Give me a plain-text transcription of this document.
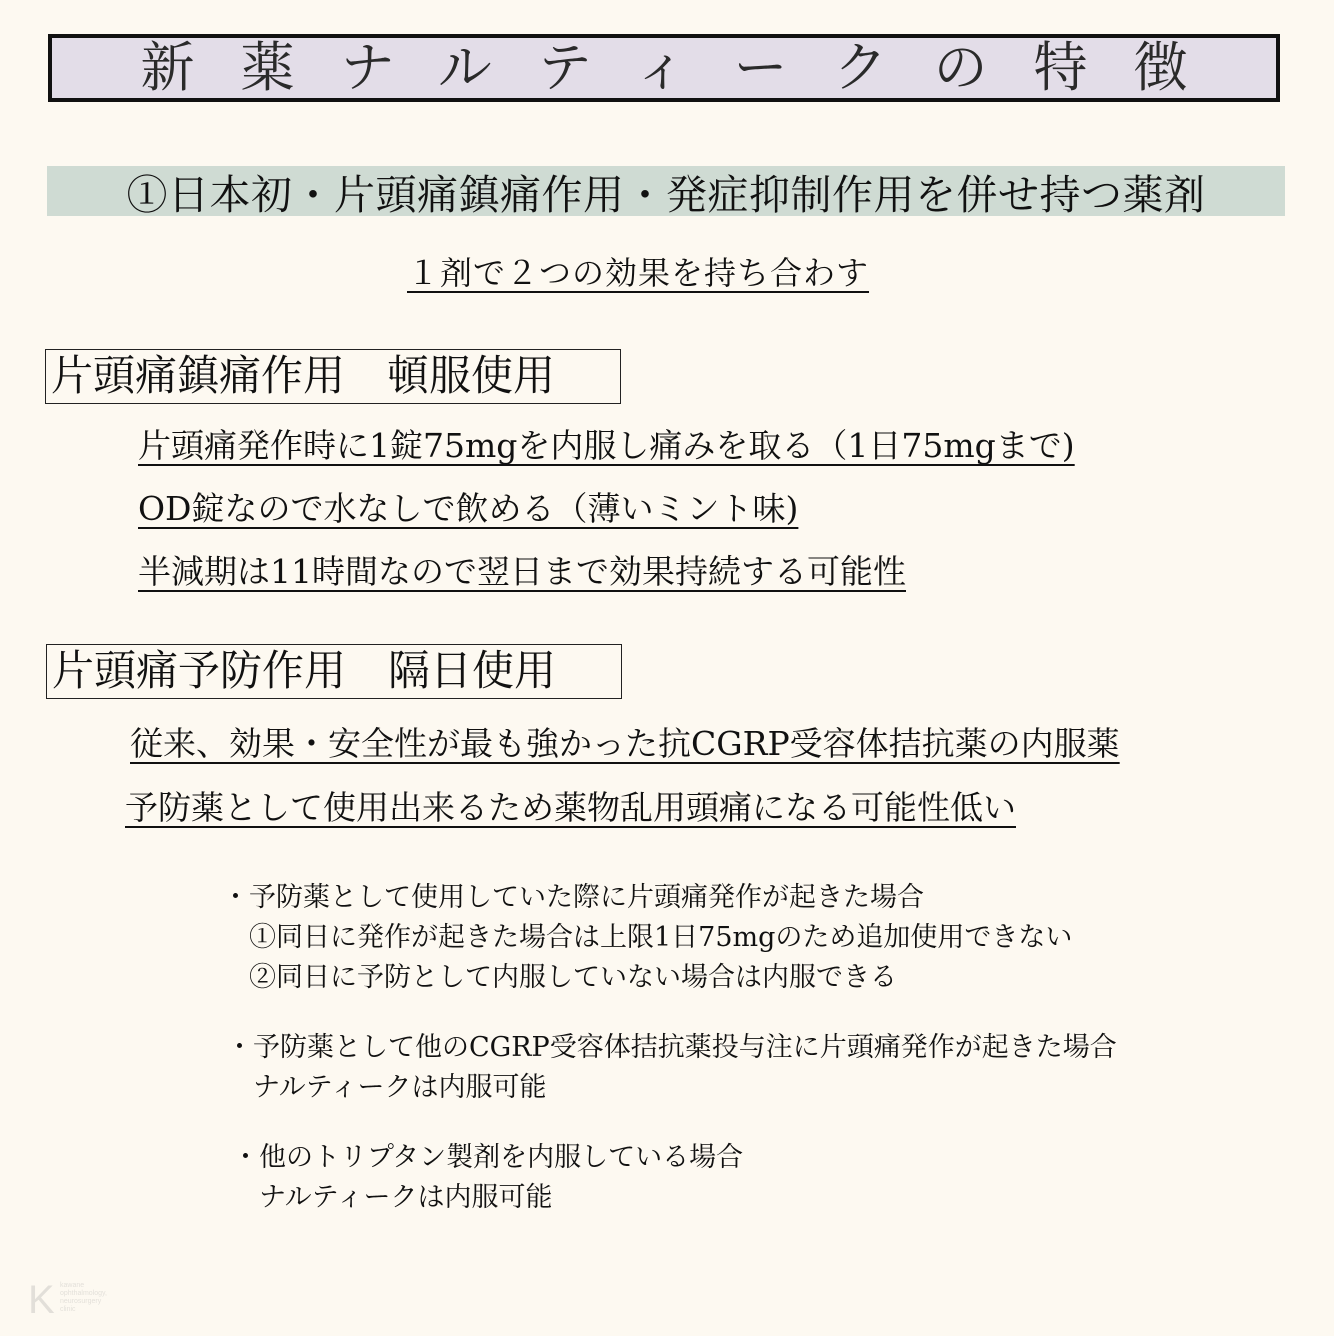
新薬ナルティークの特徴
①日本初・片頭痛鎮痛作用・発症抑制作用を併せ持つ薬剤
１剤で２つの効果を持ち合わす
片頭痛鎮痛作用　頓服使用
片頭痛発作時に1錠75mgを内服し痛みを取る（1日75mgまで)
OD錠なので水なしで飲める（薄いミント味)
半減期は11時間なので翌日まで効果持続する可能性
片頭痛予防作用　隔日使用
従来、効果・安全性が最も強かった抗CGRP受容体拮抗薬の内服薬
予防薬として使用出来るため薬物乱用頭痛になる可能性低い
・予防薬として使用していた際に片頭痛発作が起きた場合
　①同日に発作が起きた場合は上限1日75mgのため追加使用できない
　②同日に予防として内服していない場合は内服できる
・予防薬として他のCGRP受容体拮抗薬投与注に片頭痛発作が起きた場合
　ナルティークは内服可能
・他のトリプタン製剤を内服している場合
　ナルティークは内服可能
K kawane
ophthalmology,
neurosurgery
clinic
